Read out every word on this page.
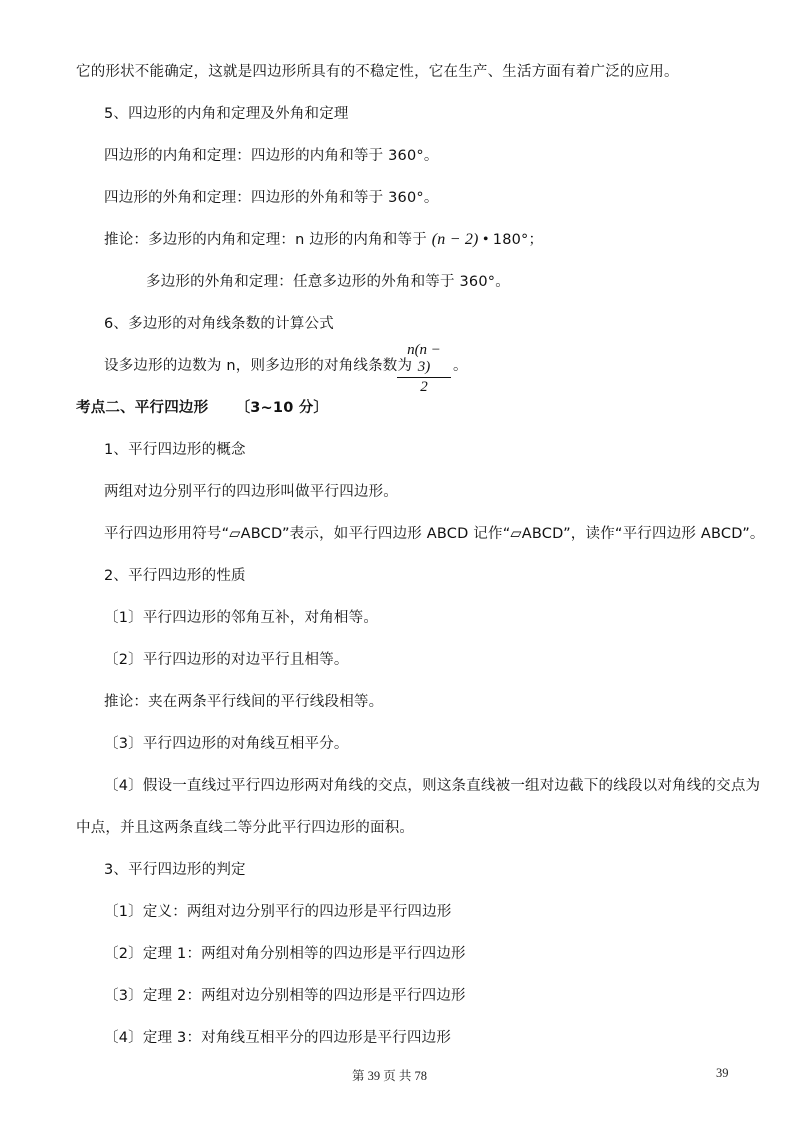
它的形状不能确定，这就是四边形所具有的不稳定性，它在生产、生活方面有着广泛的应用。
5、四边形的内角和定理及外角和定理
四边形的内角和定理：四边形的内角和等于 360°。
四边形的外角和定理：四边形的外角和等于 360°。
推论：多边形的内角和定理：n 边形的内角和等于 (n − 2) • 180°；
多边形的外角和定理：任意多边形的外角和等于 360°。
6、多边形的对角线条数的计算公式
设多边形的边数为 n，则多边形的对角线条数为
n(n − 3)
2
。
考点二、平行四边形 〔3~10 分〕
1、平行四边形的概念
两组对边分别平行的四边形叫做平行四边形。
平行四边形用符号“▱ABCD”表示，如平行四边形 ABCD 记作“▱ABCD”，读作“平行四边形 ABCD”。
2、平行四边形的性质
〔1〕平行四边形的邻角互补，对角相等。
〔2〕平行四边形的对边平行且相等。
推论：夹在两条平行线间的平行线段相等。
〔3〕平行四边形的对角线互相平分。
〔4〕假设一直线过平行四边形两对角线的交点，则这条直线被一组对边截下的线段以对角线的交点为
中点，并且这两条直线二等分此平行四边形的面积。
3、平行四边形的判定
〔1〕定义：两组对边分别平行的四边形是平行四边形
〔2〕定理 1：两组对角分别相等的四边形是平行四边形
〔3〕定理 2：两组对边分别相等的四边形是平行四边形
〔4〕定理 3：对角线互相平分的四边形是平行四边形
第 39 页 共 78	39
